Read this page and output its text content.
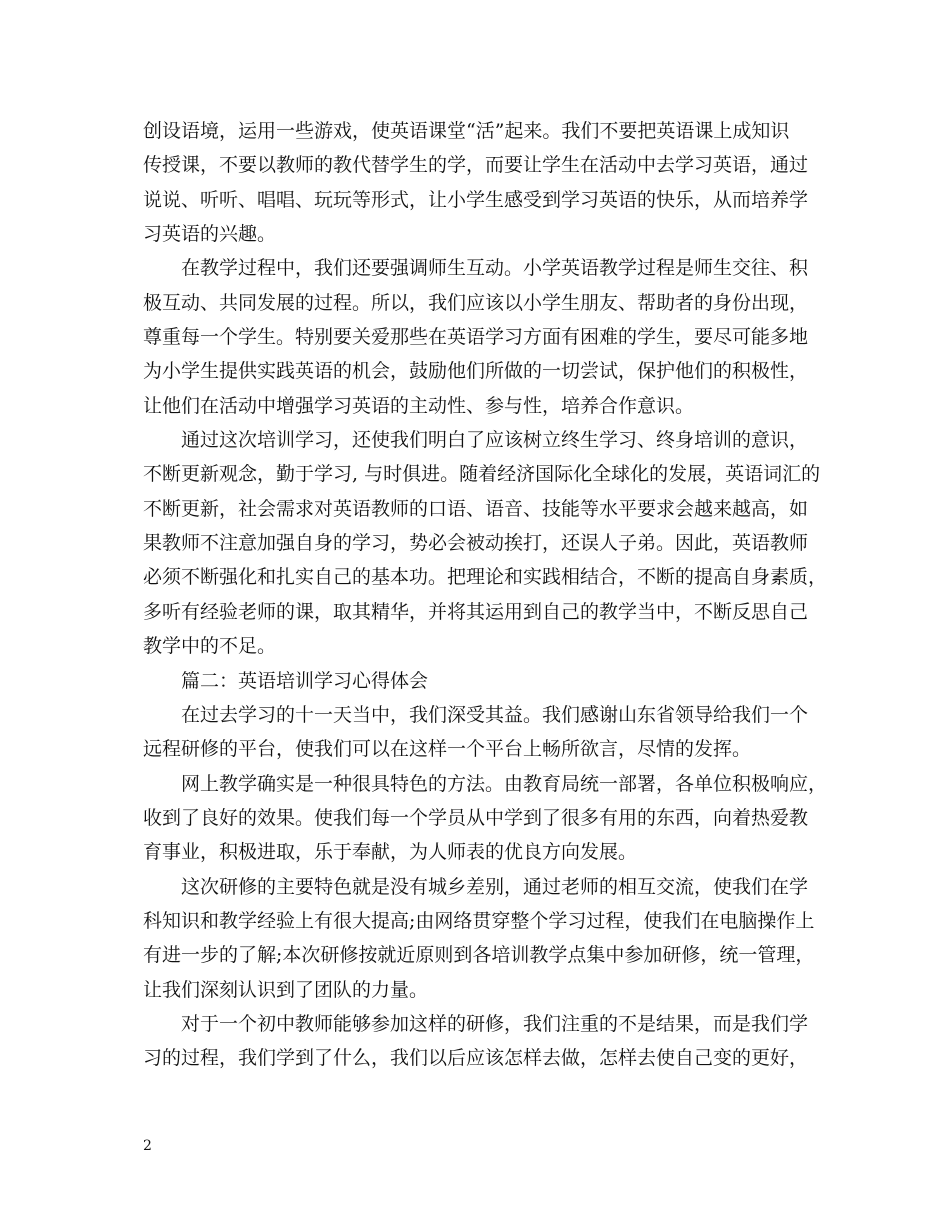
创设语境，运用一些游戏，使英语课堂“活”起来。我们不要把英语课上成知识
传授课，不要以教师的教代替学生的学，而要让学生在活动中去学习英语，通过
说说、听听、唱唱、玩玩等形式，让小学生感受到学习英语的快乐，从而培养学
习英语的兴趣。
在教学过程中，我们还要强调师生互动。小学英语教学过程是师生交往、积
极互动、共同发展的过程。所以，我们应该以小学生朋友、帮助者的身份出现，
尊重每一个学生。特别要关爱那些在英语学习方面有困难的学生，要尽可能多地
为小学生提供实践英语的机会，鼓励他们所做的一切尝试，保护他们的积极性，
让他们在活动中增强学习英语的主动性、参与性，培养合作意识。
通过这次培训学习，还使我们明白了应该树立终生学习、终身培训的意识，
不断更新观念，勤于学习, 与时俱进。随着经济国际化全球化的发展，英语词汇的
不断更新，社会需求对英语教师的口语、语音、技能等水平要求会越来越高，如
果教师不注意加强自身的学习，势必会被动挨打，还误人子弟。因此，英语教师
必须不断强化和扎实自己的基本功。把理论和实践相结合，不断的提高自身素质，
多听有经验老师的课，取其精华，并将其运用到自己的教学当中，不断反思自己
教学中的不足。
篇二：英语培训学习心得体会
在过去学习的十一天当中，我们深受其益。我们感谢山东省领导给我们一个
远程研修的平台，使我们可以在这样一个平台上畅所欲言，尽情的发挥。
网上教学确实是一种很具特色的方法。由教育局统一部署，各单位积极响应，
收到了良好的效果。使我们每一个学员从中学到了很多有用的东西，向着热爱教
育事业，积极进取，乐于奉献，为人师表的优良方向发展。
这次研修的主要特色就是没有城乡差别，通过老师的相互交流，使我们在学
科知识和教学经验上有很大提高;由网络贯穿整个学习过程，使我们在电脑操作上
有进一步的了解;本次研修按就近原则到各培训教学点集中参加研修，统一管理，
让我们深刻认识到了团队的力量。
对于一个初中教师能够参加这样的研修，我们注重的不是结果，而是我们学
习的过程，我们学到了什么，我们以后应该怎样去做，怎样去使自己变的更好，
2
